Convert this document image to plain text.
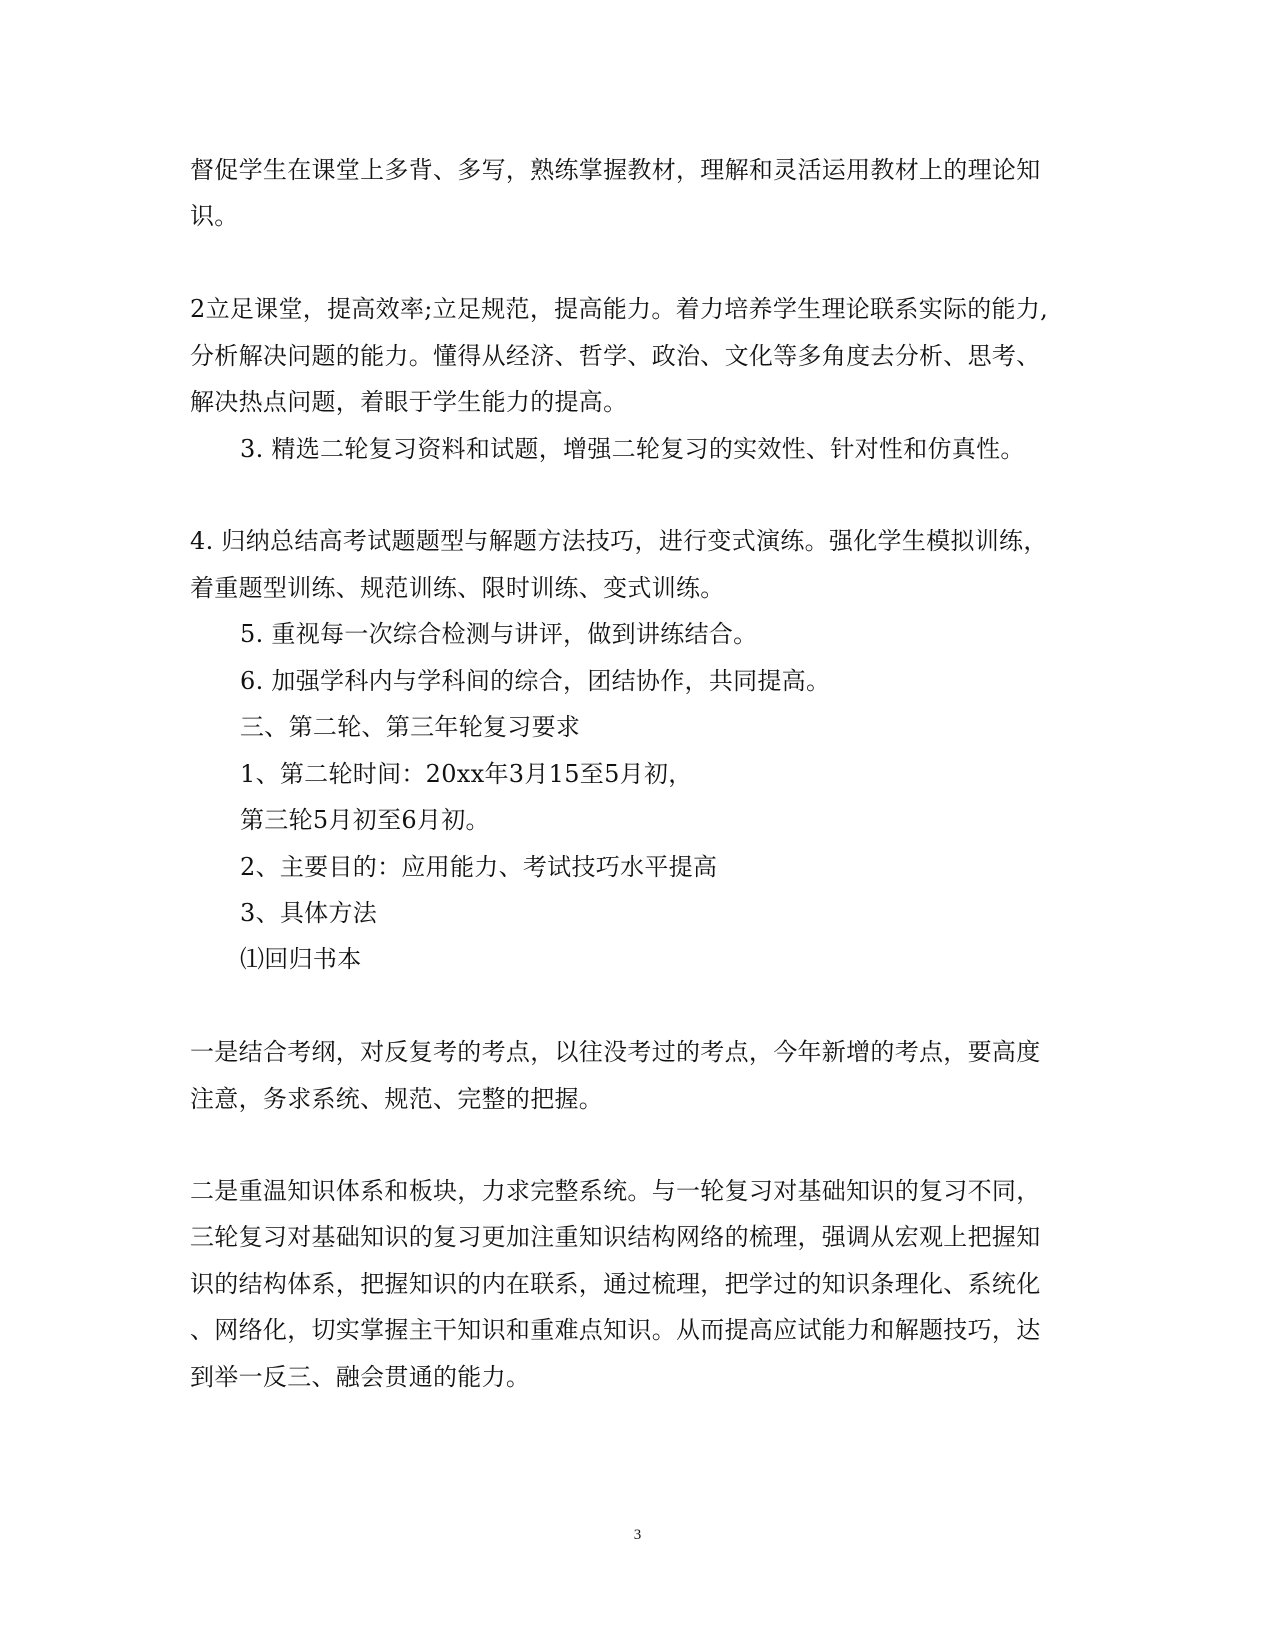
督促学生在课堂上多背、多写，熟练掌握教材，理解和灵活运用教材上的理论知
识。
2立足课堂，提高效率;立足规范，提高能力。着力培养学生理论联系实际的能力,
分析解决问题的能力。懂得从经济、哲学、政治、文化等多角度去分析、思考、
解决热点问题，着眼于学生能力的提高。
3. 精选二轮复习资料和试题，增强二轮复习的实效性、针对性和仿真性。
4. 归纳总结高考试题题型与解题方法技巧，进行变式演练。强化学生模拟训练，
着重题型训练、规范训练、限时训练、变式训练。
5. 重视每一次综合检测与讲评，做到讲练结合。
6. 加强学科内与学科间的综合，团结协作，共同提高。
三、第二轮、第三年轮复习要求
1、第二轮时间：20xx年3月15至5月初，
第三轮5月初至6月初。
2、主要目的：应用能力、考试技巧水平提高
3、具体方法
⑴回归书本
一是结合考纲，对反复考的考点，以往没考过的考点，今年新增的考点，要高度
注意，务求系统、规范、完整的把握。
二是重温知识体系和板块，力求完整系统。与一轮复习对基础知识的复习不同，
三轮复习对基础知识的复习更加注重知识结构网络的梳理，强调从宏观上把握知
识的结构体系，把握知识的内在联系，通过梳理，把学过的知识条理化、系统化
、网络化，切实掌握主干知识和重难点知识。从而提高应试能力和解题技巧，达
到举一反三、融会贯通的能力。
3
